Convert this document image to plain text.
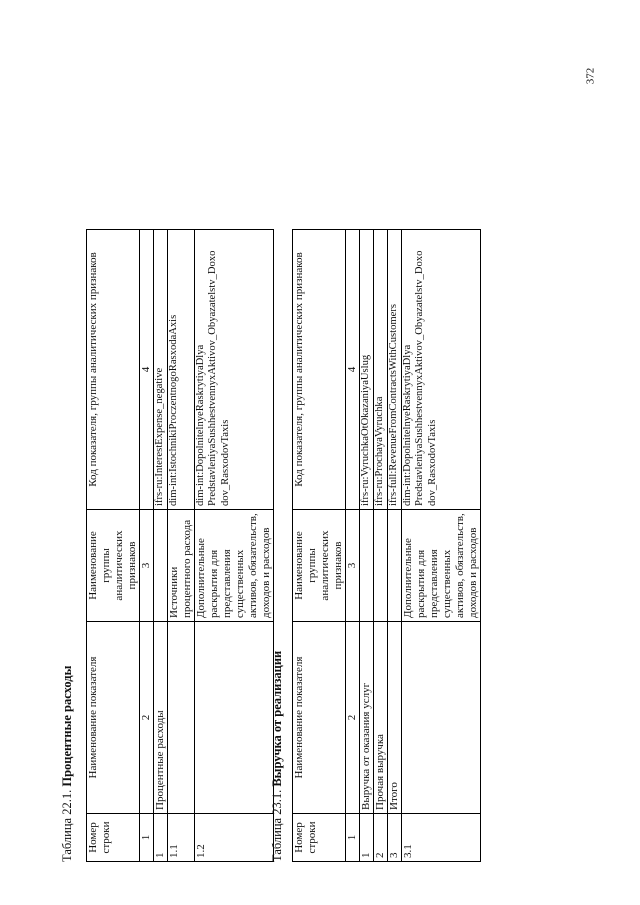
372
Таблица 22.1. Процентные расходы
Номер строки	Наименование показателя	Наименование группы аналитических признаков	Код показателя, группы аналитических признаков
1	2	3	4
1	Процентные расходы		ifrs-ru:InterestExpense_negative
1.1		Источники процентного расхода	dim-int:IstochnikiProczentnogoRasxodaAxis
1.2		Дополнительные раскрытия для представления существенных активов, обязательств, доходов и расходов	dim-int:DopolnitelnyeRaskrytiyaDlya PredstavleniyaSushhestvennyxAktivov_Obyazatelstv_Doxo dov_RasxodovTaxis
Таблица 23.1. Выручка от реализации
Номер строки	Наименование показателя	Наименование группы аналитических признаков	Код показателя, группы аналитических признаков
1	2	3	4
1	Выручка от оказания услуг		ifrs-ru:VyruchkaOtOkazaniyaUslug
2	Прочая выручка		ifrs-ru:ProchayaVyruchka
3	Итого		ifrs-full:RevenueFromContractsWithCustomers
3.1		Дополнительные раскрытия для представления существенных активов, обязательств, доходов и расходов	dim-int:DopolnitelnyeRaskrytiyaDlya PredstavleniyaSushhestvennyxAktivov_Obyazatelstv_Doxo dov_RasxodovTaxis
